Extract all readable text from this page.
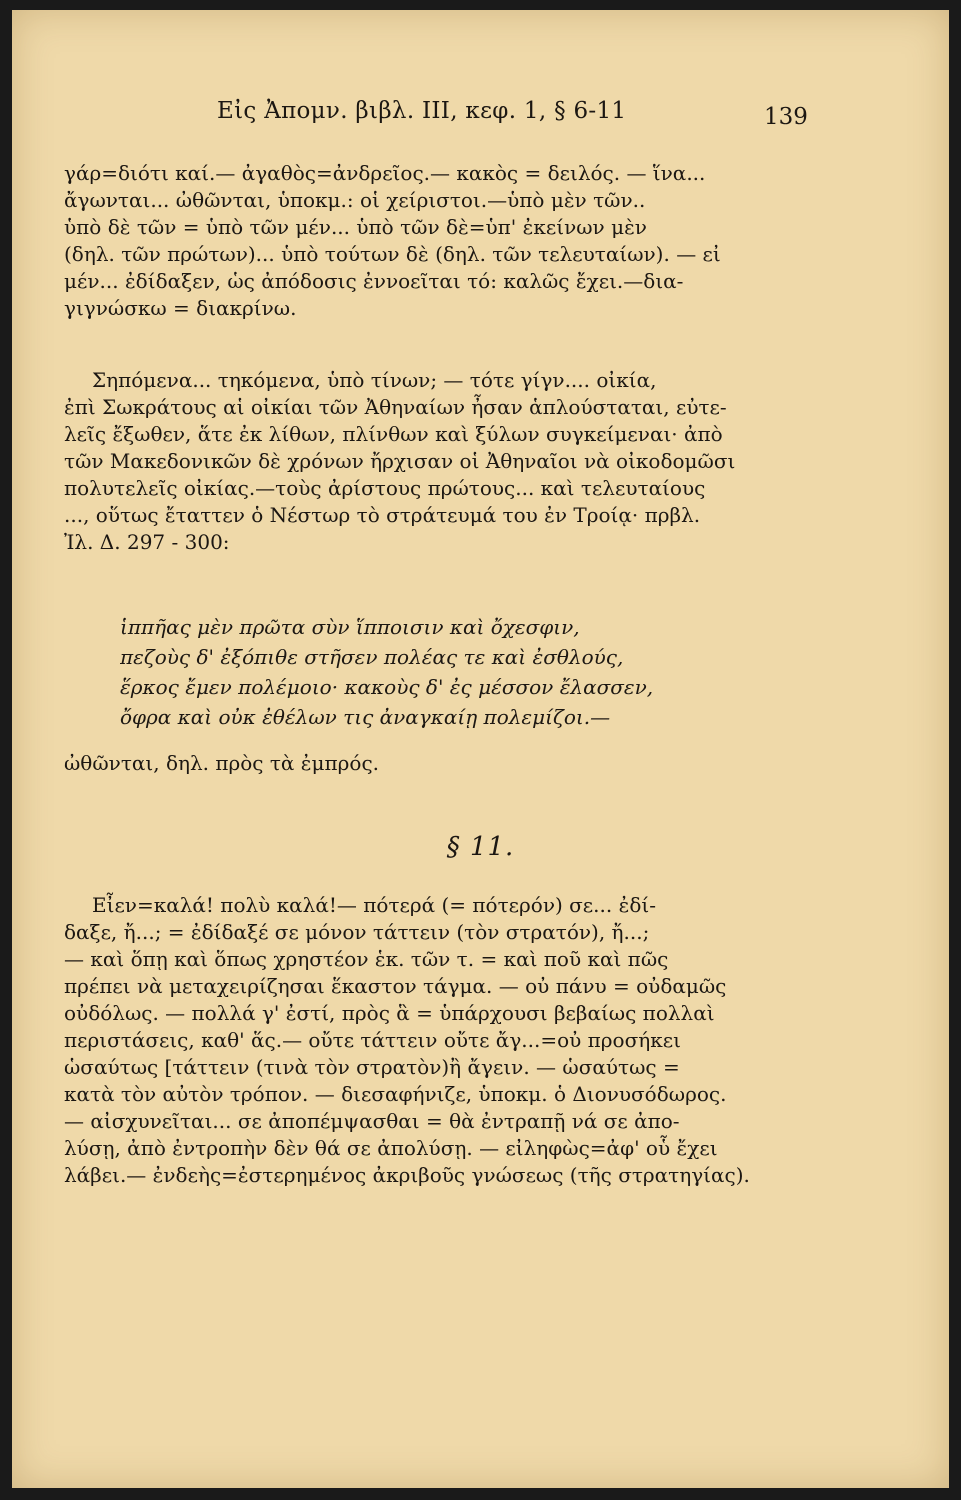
Εἰς Ἀπομν. βιβλ. III, κεφ. 1, § 6-11	139
γάρ=διότι καί.— ἀγαθὸς=ἀνδρεῖος.— κακὸς = δειλός. — ἵνα...
ἄγωνται... ὠθῶνται, ὑποκμ.: οἱ χείριστοι.—ὑπὸ μὲν τῶν..
ὑπὸ δὲ τῶν = ὑπὸ τῶν μέν... ὑπὸ τῶν δὲ=ὑπ' ἐκείνων μὲν
(δηλ. τῶν πρώτων)... ὑπὸ τούτων δὲ (δηλ. τῶν τελευταίων). — εἰ
μέν... ἐδίδαξεν, ὡς ἀπόδοσις ἐννοεῖται τό: καλῶς ἔχει.—δια-
γιγνώσκω = διακρίνω.
Σηπόμενα... τηκόμενα, ὑπὸ τίνων; — τότε γίγν.... οἰκία,
ἐπὶ Σωκράτους αἱ οἰκίαι τῶν Ἀθηναίων ἦσαν ἁπλούσταται, εὐτε-
λεῖς ἔξωθεν, ἅτε ἐκ λίθων, πλίνθων καὶ ξύλων συγκείμεναι· ἀπὸ
τῶν Μακεδονικῶν δὲ χρόνων ἤρχισαν οἱ Ἀθηναῖοι νὰ οἰκοδομῶσι
πολυτελεῖς οἰκίας.—τοὺς ἀρίστους πρώτους... καὶ τελευταίους
..., οὕτως ἔταττεν ὁ Νέστωρ τὸ στράτευμά του ἐν Τροίᾳ· πρβλ.
Ἰλ. Δ. 297 - 300:
ἱππῆας μὲν πρῶτα σὺν ἵπποισιν καὶ ὄχεσφιν,
πεζοὺς δ' ἐξόπιθε στῆσεν πολέας τε καὶ ἐσθλούς,
ἕρκος ἔμεν πολέμοιο· κακοὺς δ' ἐς μέσσον ἔλασσεν,
ὄφρα καὶ οὐκ ἐθέλων τις ἀναγκαίῃ πολεμίζοι.—
ὠθῶνται, δηλ. πρὸς τὰ ἐμπρός.
§ 11.
Εἶεν=καλά! πολὺ καλά!— πότερά (= πότερόν) σε... ἐδί-
δαξε, ἤ...; = ἐδίδαξέ σε μόνον τάττειν (τὸν στρατόν), ἤ...;
— καὶ ὅπῃ καὶ ὅπως χρηστέον ἑκ. τῶν τ. = καὶ ποῦ καὶ πῶς
πρέπει νὰ μεταχειρίζησαι ἕκαστον τάγμα. — οὐ πάνυ = οὐδαμῶς
οὐδόλως. — πολλά γ' ἐστί, πρὸς ἃ = ὑπάρχουσι βεβαίως πολλαὶ
περιστάσεις, καθ' ἅς.— οὔτε τάττειν οὔτε ἄγ...=οὐ προσήκει
ὡσαύτως [τάττειν (τινὰ τὸν στρατὸν)ἢ ἄγειν. — ὡσαύτως =
κατὰ τὸν αὐτὸν τρόπον. — διεσαφήνιζε, ὑποκμ. ὁ Διονυσόδωρος.
— αἰσχυνεῖται... σε ἀποπέμψασθαι = θὰ ἐντραπῇ νά σε ἀπο-
λύσῃ, ἀπὸ ἐντροπὴν δὲν θά σε ἀπολύσῃ. — εἰληφὼς=ἀφ' οὗ ἔχει
λάβει.— ἐνδεὴς=ἐστερημένος ἀκριβοῦς γνώσεως (τῆς στρατηγίας).
